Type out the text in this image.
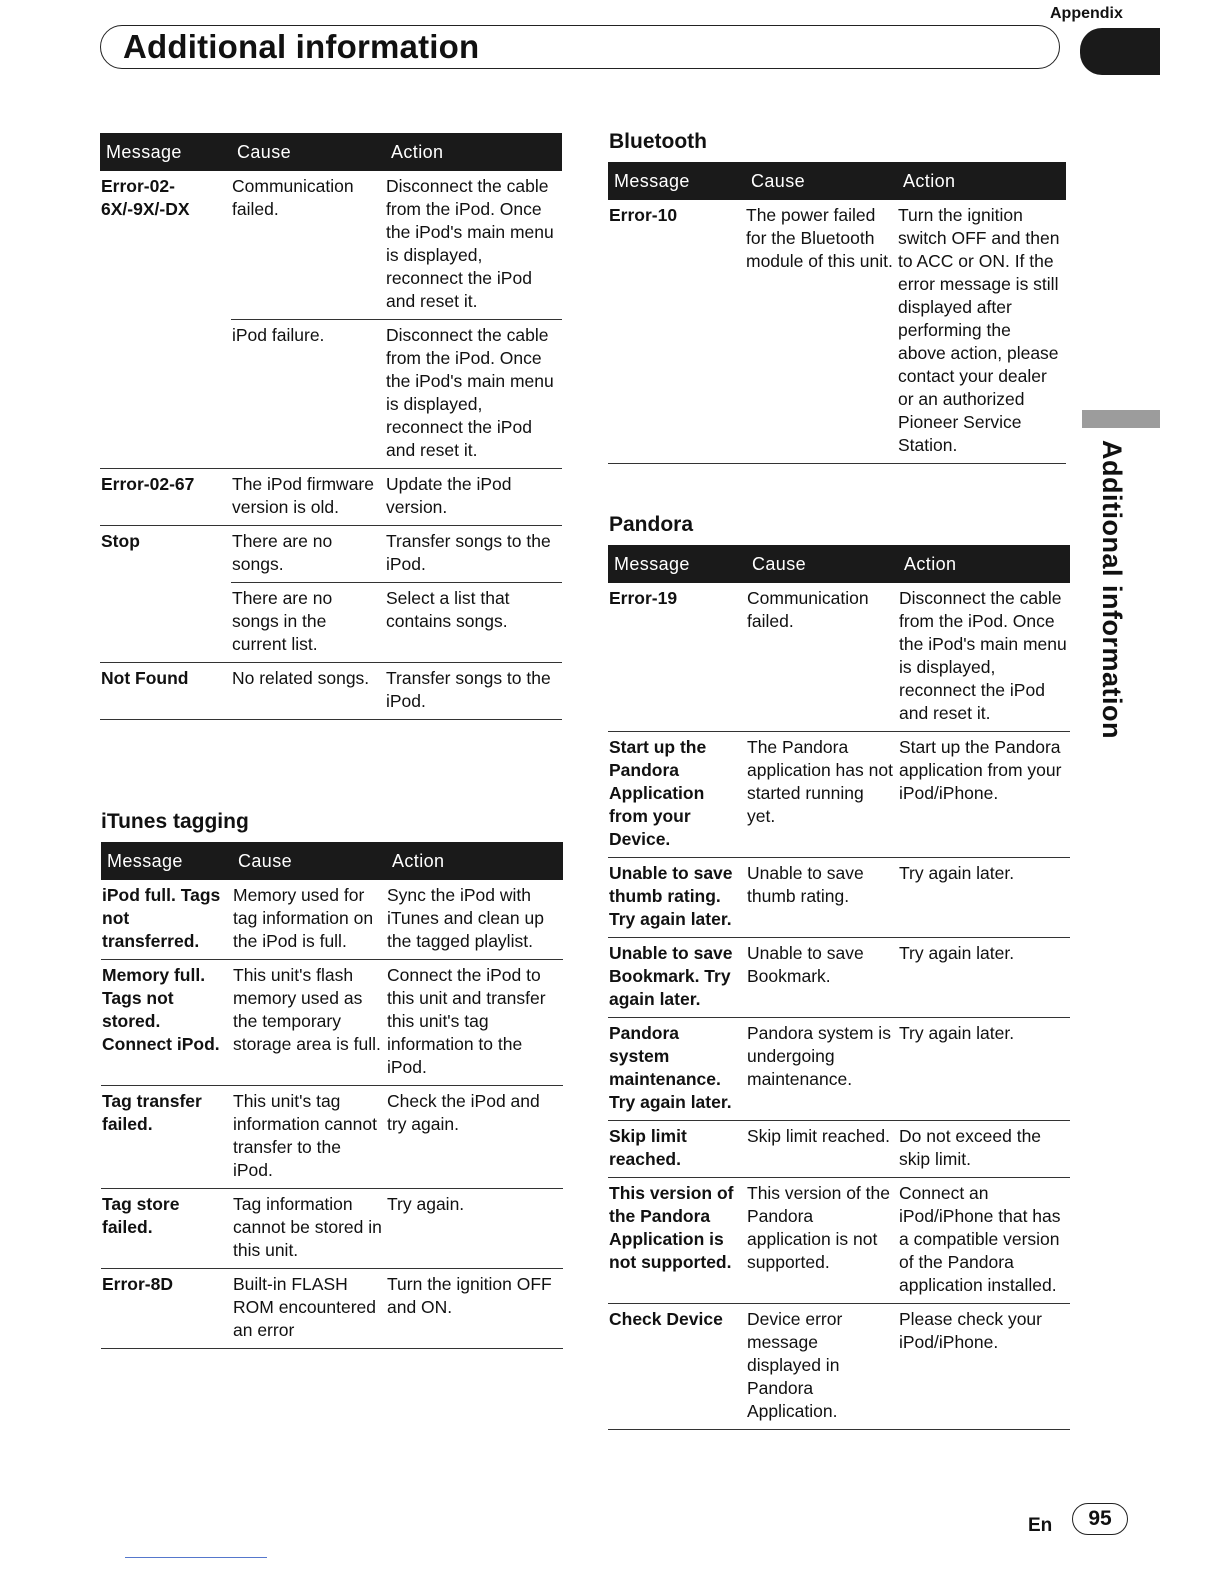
Appendix
Additional information
Additional information
Message	Cause	Action
Error-02-6X/-9X/-DX	Communication failed.	Disconnect the cable from the iPod. Once the iPod's main menu is displayed, reconnect the iPod and reset it.
	iPod failure.	Disconnect the cable from the iPod. Once the iPod's main menu is displayed, reconnect the iPod and reset it.
Error-02-67	The iPod firmware version is old.	Update the iPod version.
Stop	There are no songs.	Transfer songs to the iPod.
	There are no songs in the current list.	Select a list that contains songs.
Not Found	No related songs.	Transfer songs to the iPod.
iTunes tagging
Message	Cause	Action
iPod full. Tags not transferred.	Memory used for tag information on the iPod is full.	Sync the iPod with iTunes and clean up the tagged playlist.
Memory full. Tags not stored. Connect iPod.	This unit's flash memory used as the temporary storage area is full.	Connect the iPod to this unit and transfer this unit's tag information to the iPod.
Tag transfer failed.	This unit's tag information cannot transfer to the iPod.	Check the iPod and try again.
Tag store failed.	Tag information cannot be stored in this unit.	Try again.
Error-8D	Built-in FLASH ROM encountered an error	Turn the ignition OFF and ON.
Bluetooth
Message	Cause	Action
Error-10	The power failed for the Bluetooth module of this unit.	Turn the ignition switch OFF and then to ACC or ON. If the error message is still displayed after performing the above action, please contact your dealer or an authorized Pioneer Service Station.
Pandora
Message	Cause	Action
Error-19	Communication failed.	Disconnect the cable from the iPod. Once the iPod's main menu is displayed, reconnect the iPod and reset it.
Start up the Pandora Application from your Device.	The Pandora application has not started running yet.	Start up the Pandora application from your iPod/iPhone.
Unable to save thumb rating. Try again later.	Unable to save thumb rating.	Try again later.
Unable to save Bookmark. Try again later.	Unable to save Bookmark.	Try again later.
Pandora system maintenance. Try again later.	Pandora system is undergoing maintenance.	Try again later.
Skip limit reached.	Skip limit reached.	Do not exceed the skip limit.
This version of the Pandora Application is not supported.	This version of the Pandora application is not supported.	Connect an iPod/iPhone that has a compatible version of the Pandora application installed.
Check Device	Device error message displayed in Pandora Application.	Please check your iPod/iPhone.
En	95
